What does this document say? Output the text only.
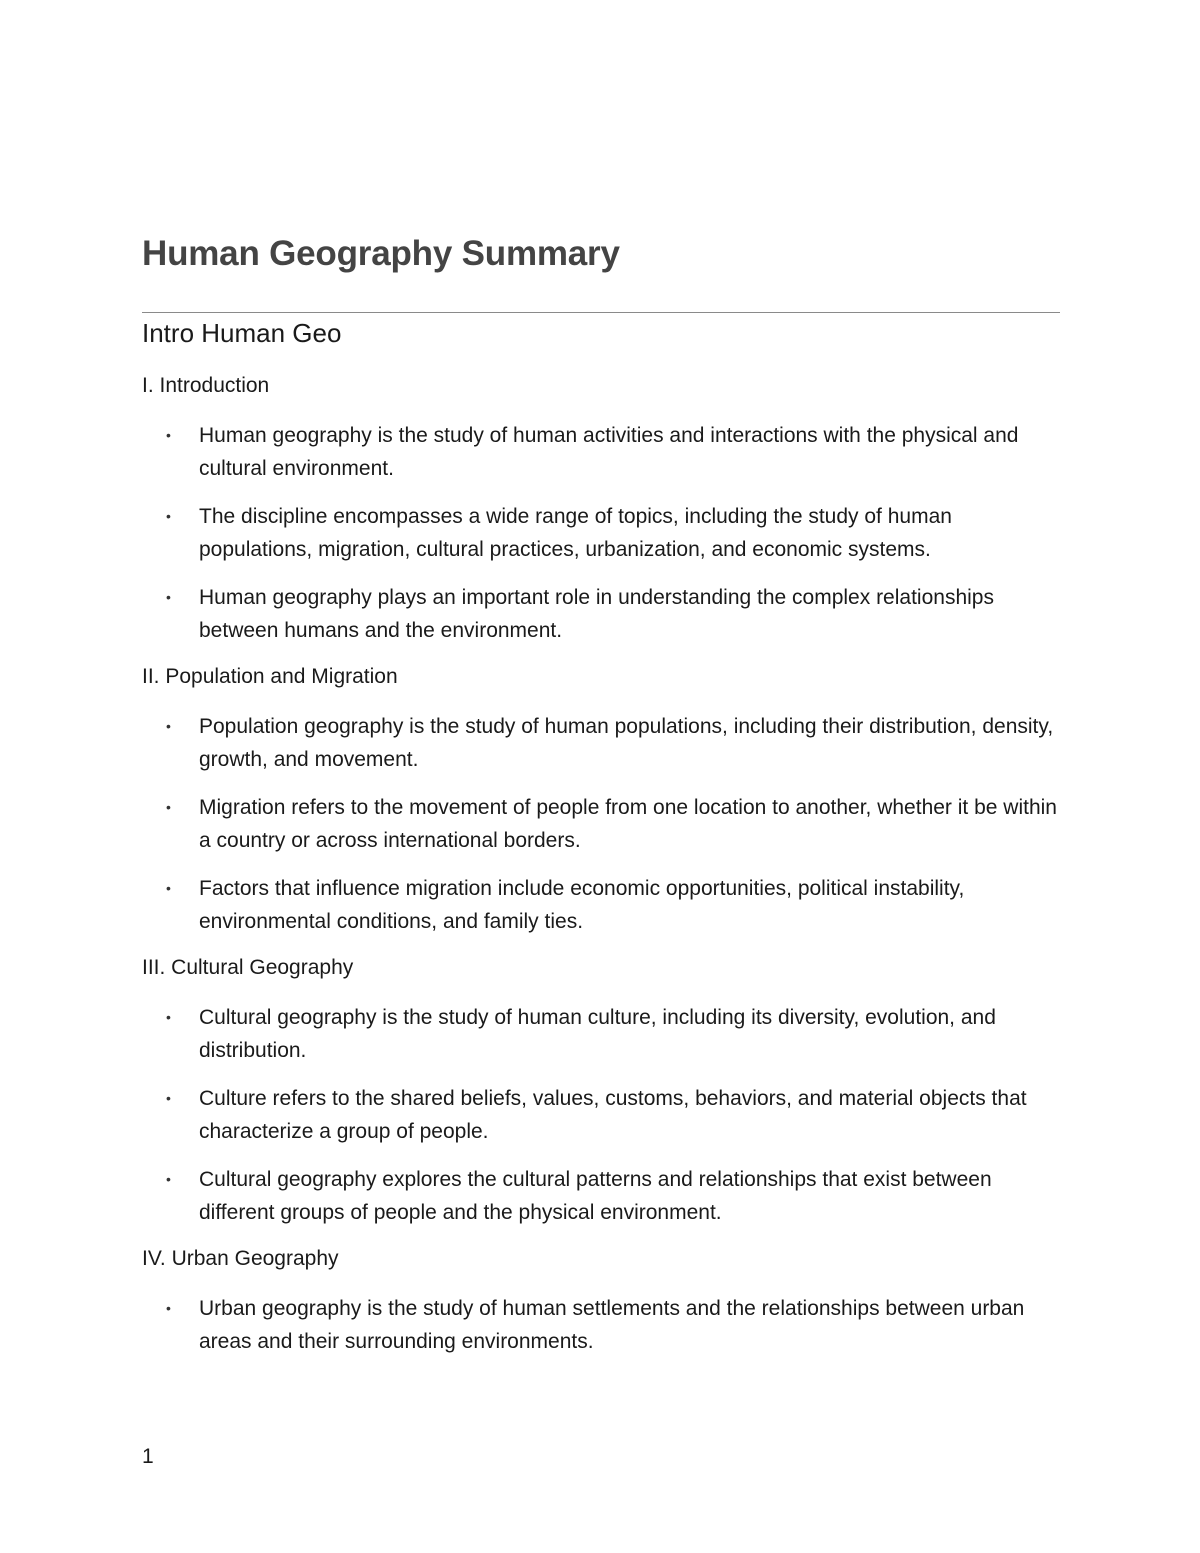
Human Geography Summary
Intro Human Geo
I. Introduction
• Human geography is the study of human activities and interactions with the physical and cultural environment.
• The discipline encompasses a wide range of topics, including the study of human populations, migration, cultural practices, urbanization, and economic systems.
• Human geography plays an important role in understanding the complex relationships between humans and the environment.
II. Population and Migration
• Population geography is the study of human populations, including their distribution, density, growth, and movement.
• Migration refers to the movement of people from one location to another, whether it be within a country or across international borders.
• Factors that influence migration include economic opportunities, political instability, environmental conditions, and family ties.
III. Cultural Geography
• Cultural geography is the study of human culture, including its diversity, evolution, and distribution.
• Culture refers to the shared beliefs, values, customs, behaviors, and material objects that characterize a group of people.
• Cultural geography explores the cultural patterns and relationships that exist between different groups of people and the physical environment.
IV. Urban Geography
• Urban geography is the study of human settlements and the relationships between urban areas and their surrounding environments.
1
